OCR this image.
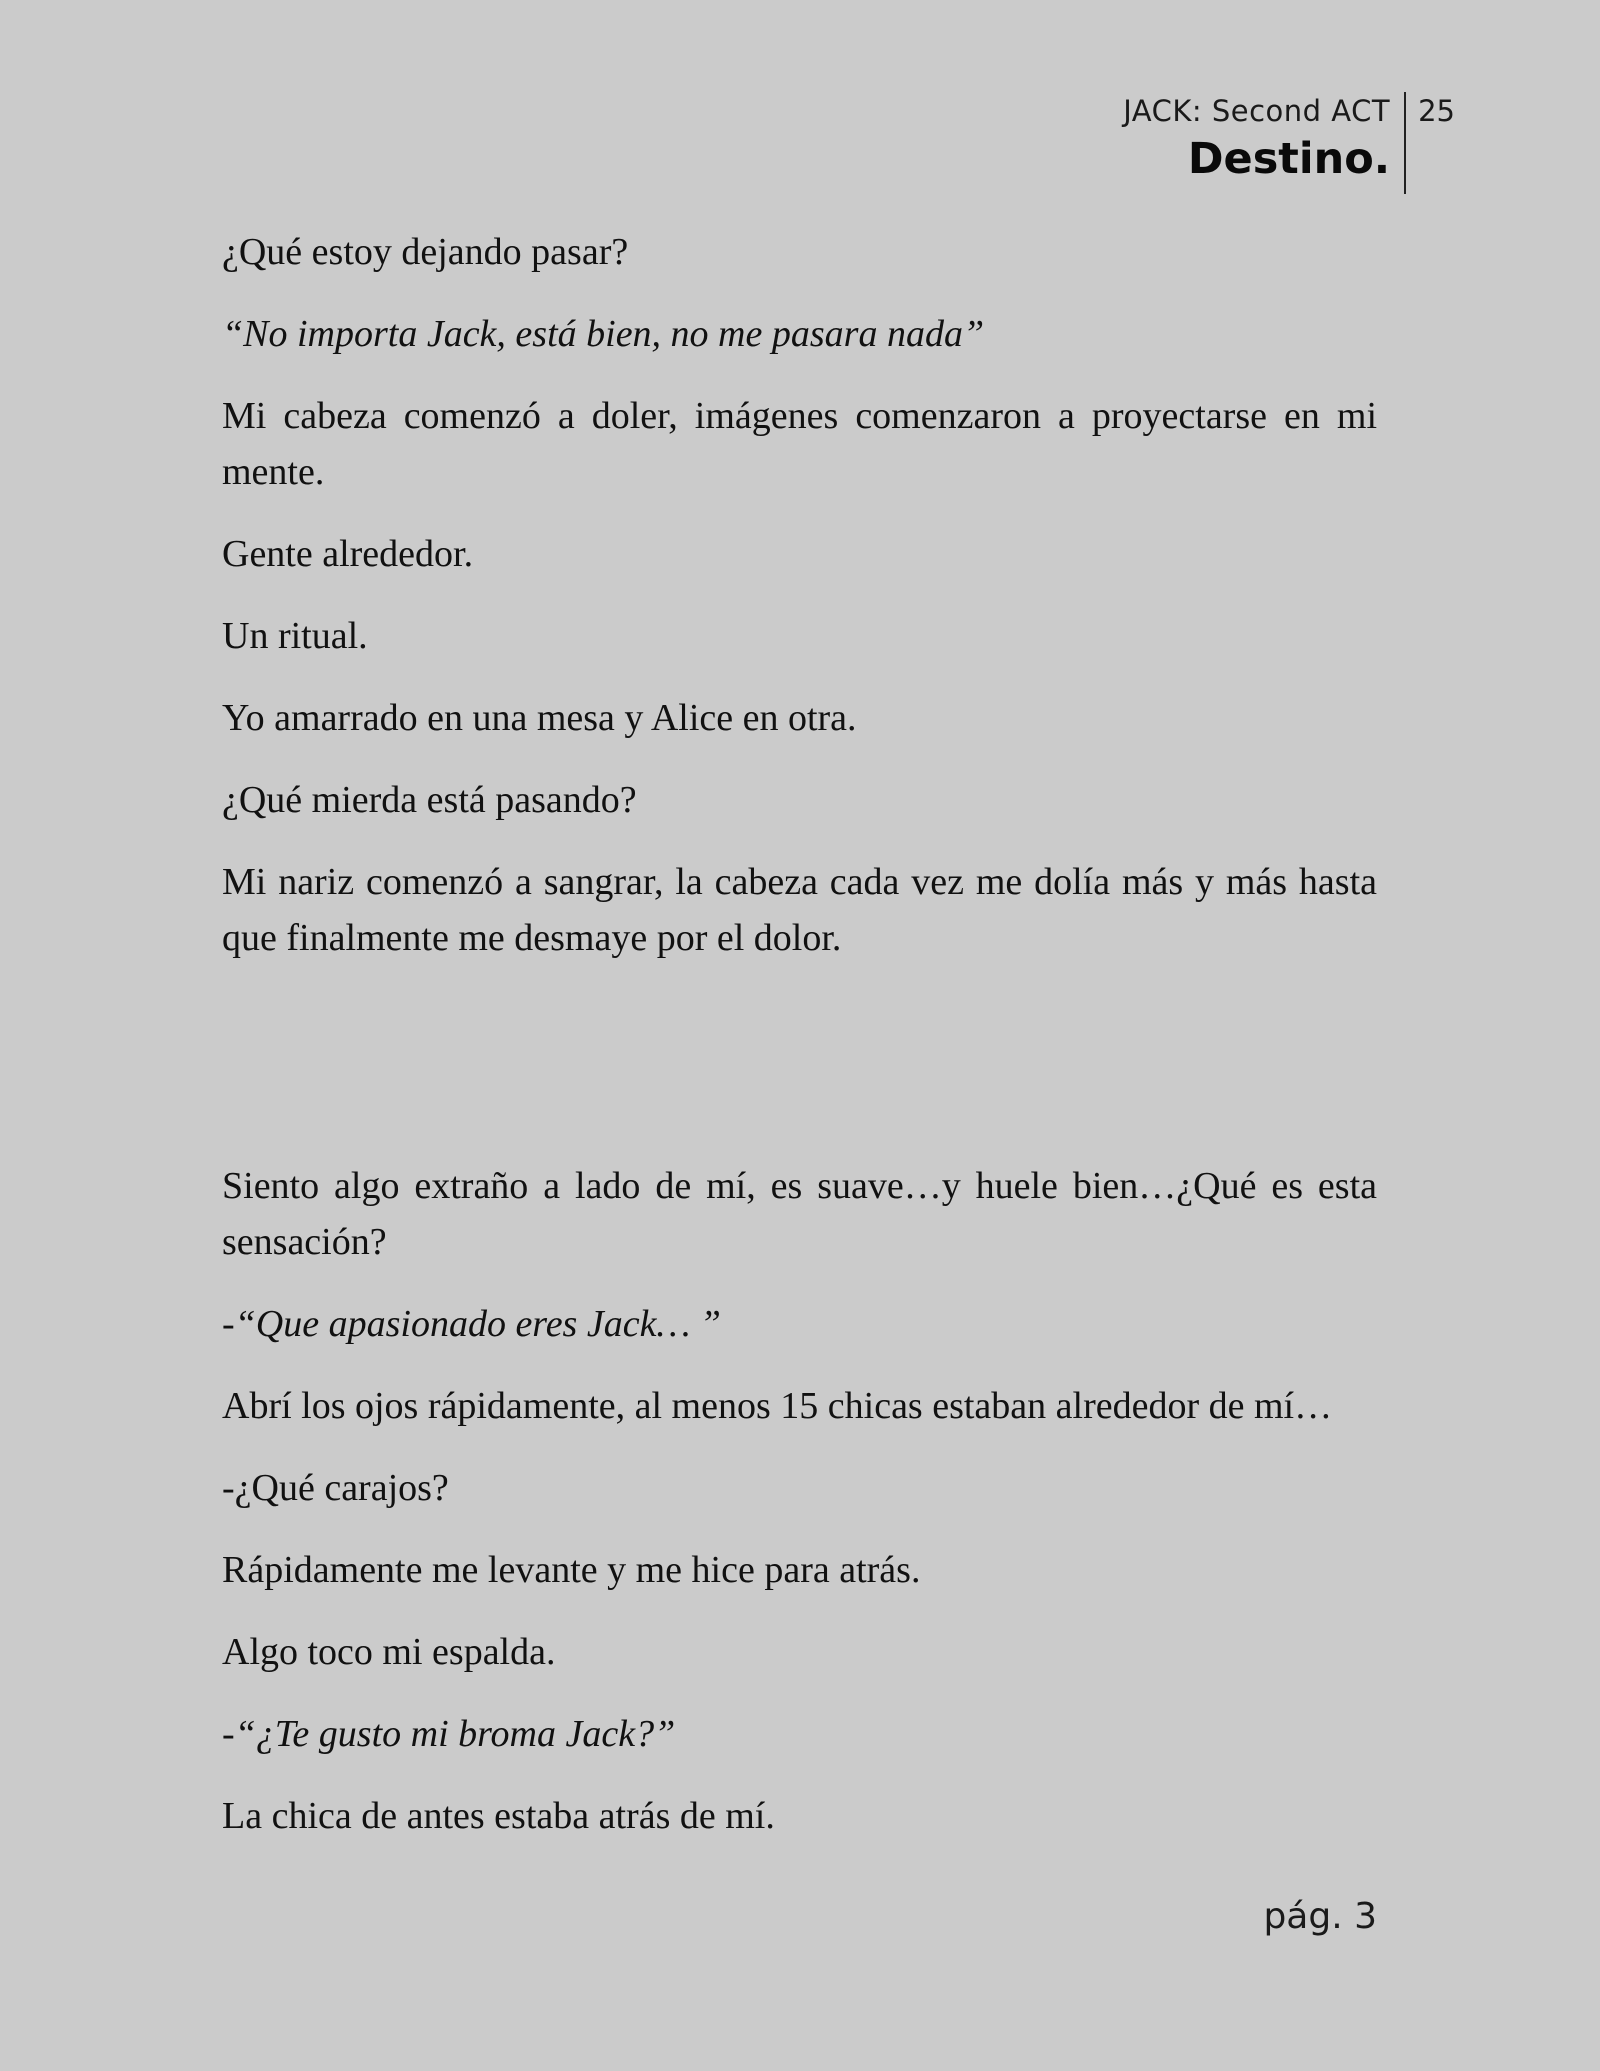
JACK: Second ACT
Destino.
25

¿Qué estoy dejando pasar?

“No importa Jack, está bien, no me pasara nada”

Mi cabeza comenzó a doler, imágenes comenzaron a proyectarse en mi mente.

Gente alrededor.

Un ritual.

Yo amarrado en una mesa y Alice en otra.

¿Qué mierda está pasando?

Mi nariz comenzó a sangrar, la cabeza cada vez me dolía más y más hasta que finalmente me desmaye por el dolor.

Siento algo extraño a lado de mí, es suave…y huele bien…¿Qué es esta sensación?

-“Que apasionado eres Jack… ”

Abrí los ojos rápidamente, al menos 15 chicas estaban alrededor de mí…

-¿Qué carajos?

Rápidamente me levante y me hice para atrás.

Algo toco mi espalda.

-“¿Te gusto mi broma Jack?”

La chica de antes estaba atrás de mí.

pág. 3
